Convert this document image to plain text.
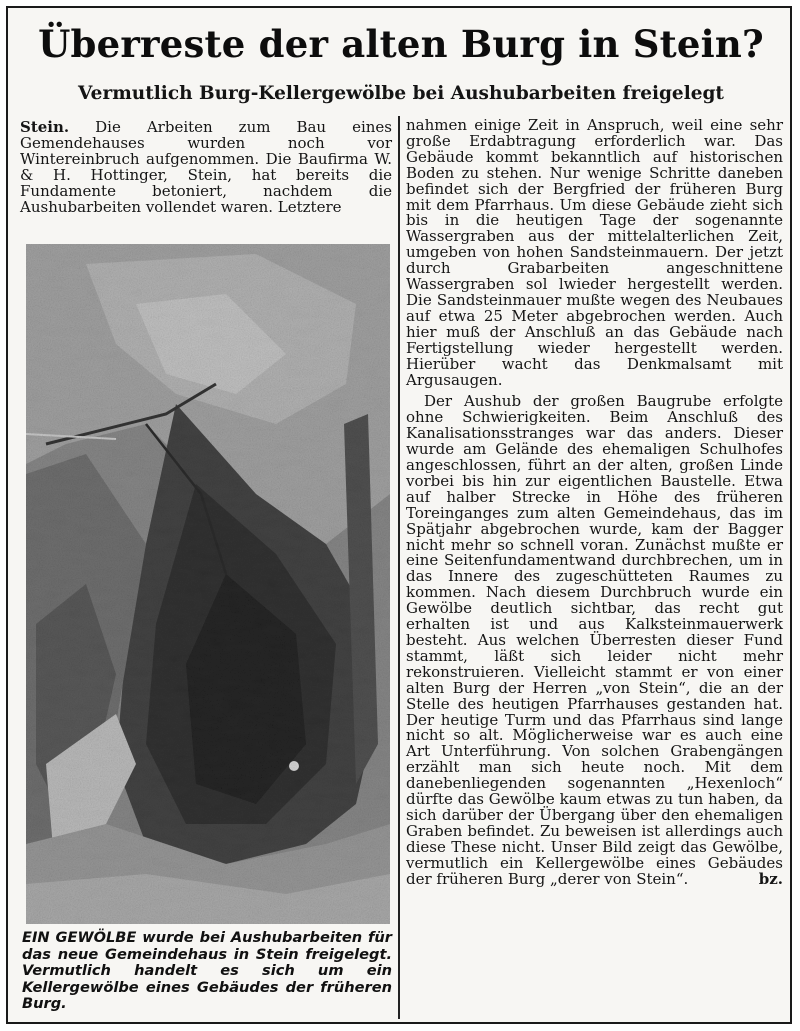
Überreste der alten Burg in Stein?
Vermutlich Burg-Kellergewölbe bei Aushubarbeiten freigelegt
Stein. Die Arbeiten zum Bau eines Gemendehauses wurden noch vor Wintereinbruch aufgenommen. Die Baufirma W. & H. Hottinger, Stein, hat bereits die Fundamente betoniert, nachdem die Aushubarbeiten vollendet waren. Letztere
EIN GEWÖLBE wurde bei Aushubarbeiten für das neue Gemeindehaus in Stein freigelegt. Vermutlich handelt es sich um ein Kellergewölbe eines Gebäudes der früheren Burg.

nahmen einige Zeit in Anspruch, weil eine sehr große Erdabtragung erforderlich war. Das Gebäude kommt bekanntlich auf historischen Boden zu stehen. Nur wenige Schritte daneben befindet sich der Bergfried der früheren Burg mit dem Pfarrhaus. Um diese Gebäude zieht sich bis in die heutigen Tage der sogenannte Wassergraben aus der mittelalterlichen Zeit, umgeben von hohen Sandsteinmauern. Der jetzt durch Grabarbeiten angeschnittene Wassergraben sol lwieder hergestellt werden. Die Sandsteinmauer mußte wegen des Neubaues auf etwa 25 Meter abgebrochen werden. Auch hier muß der Anschluß an das Gebäude nach Fertigstellung wieder hergestellt werden. Hierüber wacht das Denkmalsamt mit Argusaugen.

Der Aushub der großen Baugrube erfolgte ohne Schwierigkeiten. Beim Anschluß des Kanalisationsstranges war das anders. Dieser wurde am Gelände des ehemaligen Schulhofes angeschlossen, führt an der alten, großen Linde vorbei bis hin zur eigentlichen Baustelle. Etwa auf halber Strecke in Höhe des früheren Toreinganges zum alten Gemeindehaus, das im Spätjahr abgebrochen wurde, kam der Bagger nicht mehr so schnell voran. Zunächst mußte er eine Seitenfundamentwand durchbrechen, um in das Innere des zugeschütteten Raumes zu kommen. Nach diesem Durchbruch wurde ein Gewölbe deutlich sichtbar, das recht gut erhalten ist und aus Kalksteinmauerwerk besteht. Aus welchen Überresten dieser Fund stammt, läßt sich leider nicht mehr rekonstruieren. Vielleicht stammt er von einer alten Burg der Herren „von Stein“, die an der Stelle des heutigen Pfarrhauses gestanden hat. Der heutige Turm und das Pfarrhaus sind lange nicht so alt. Möglicherweise war es auch eine Art Unterführung. Von solchen Grabengängen erzählt man sich heute noch. Mit dem danebenliegenden sogenannten „Hexenloch“ dürfte das Gewölbe kaum etwas zu tun haben, da sich darüber der Übergang über den ehemaligen Graben befindet. Zu beweisen ist allerdings auch diese These nicht. Unser Bild zeigt das Gewölbe, vermutlich ein Kellergewölbe eines Gebäudes der früheren Burg „derer von Stein“.	bz.
